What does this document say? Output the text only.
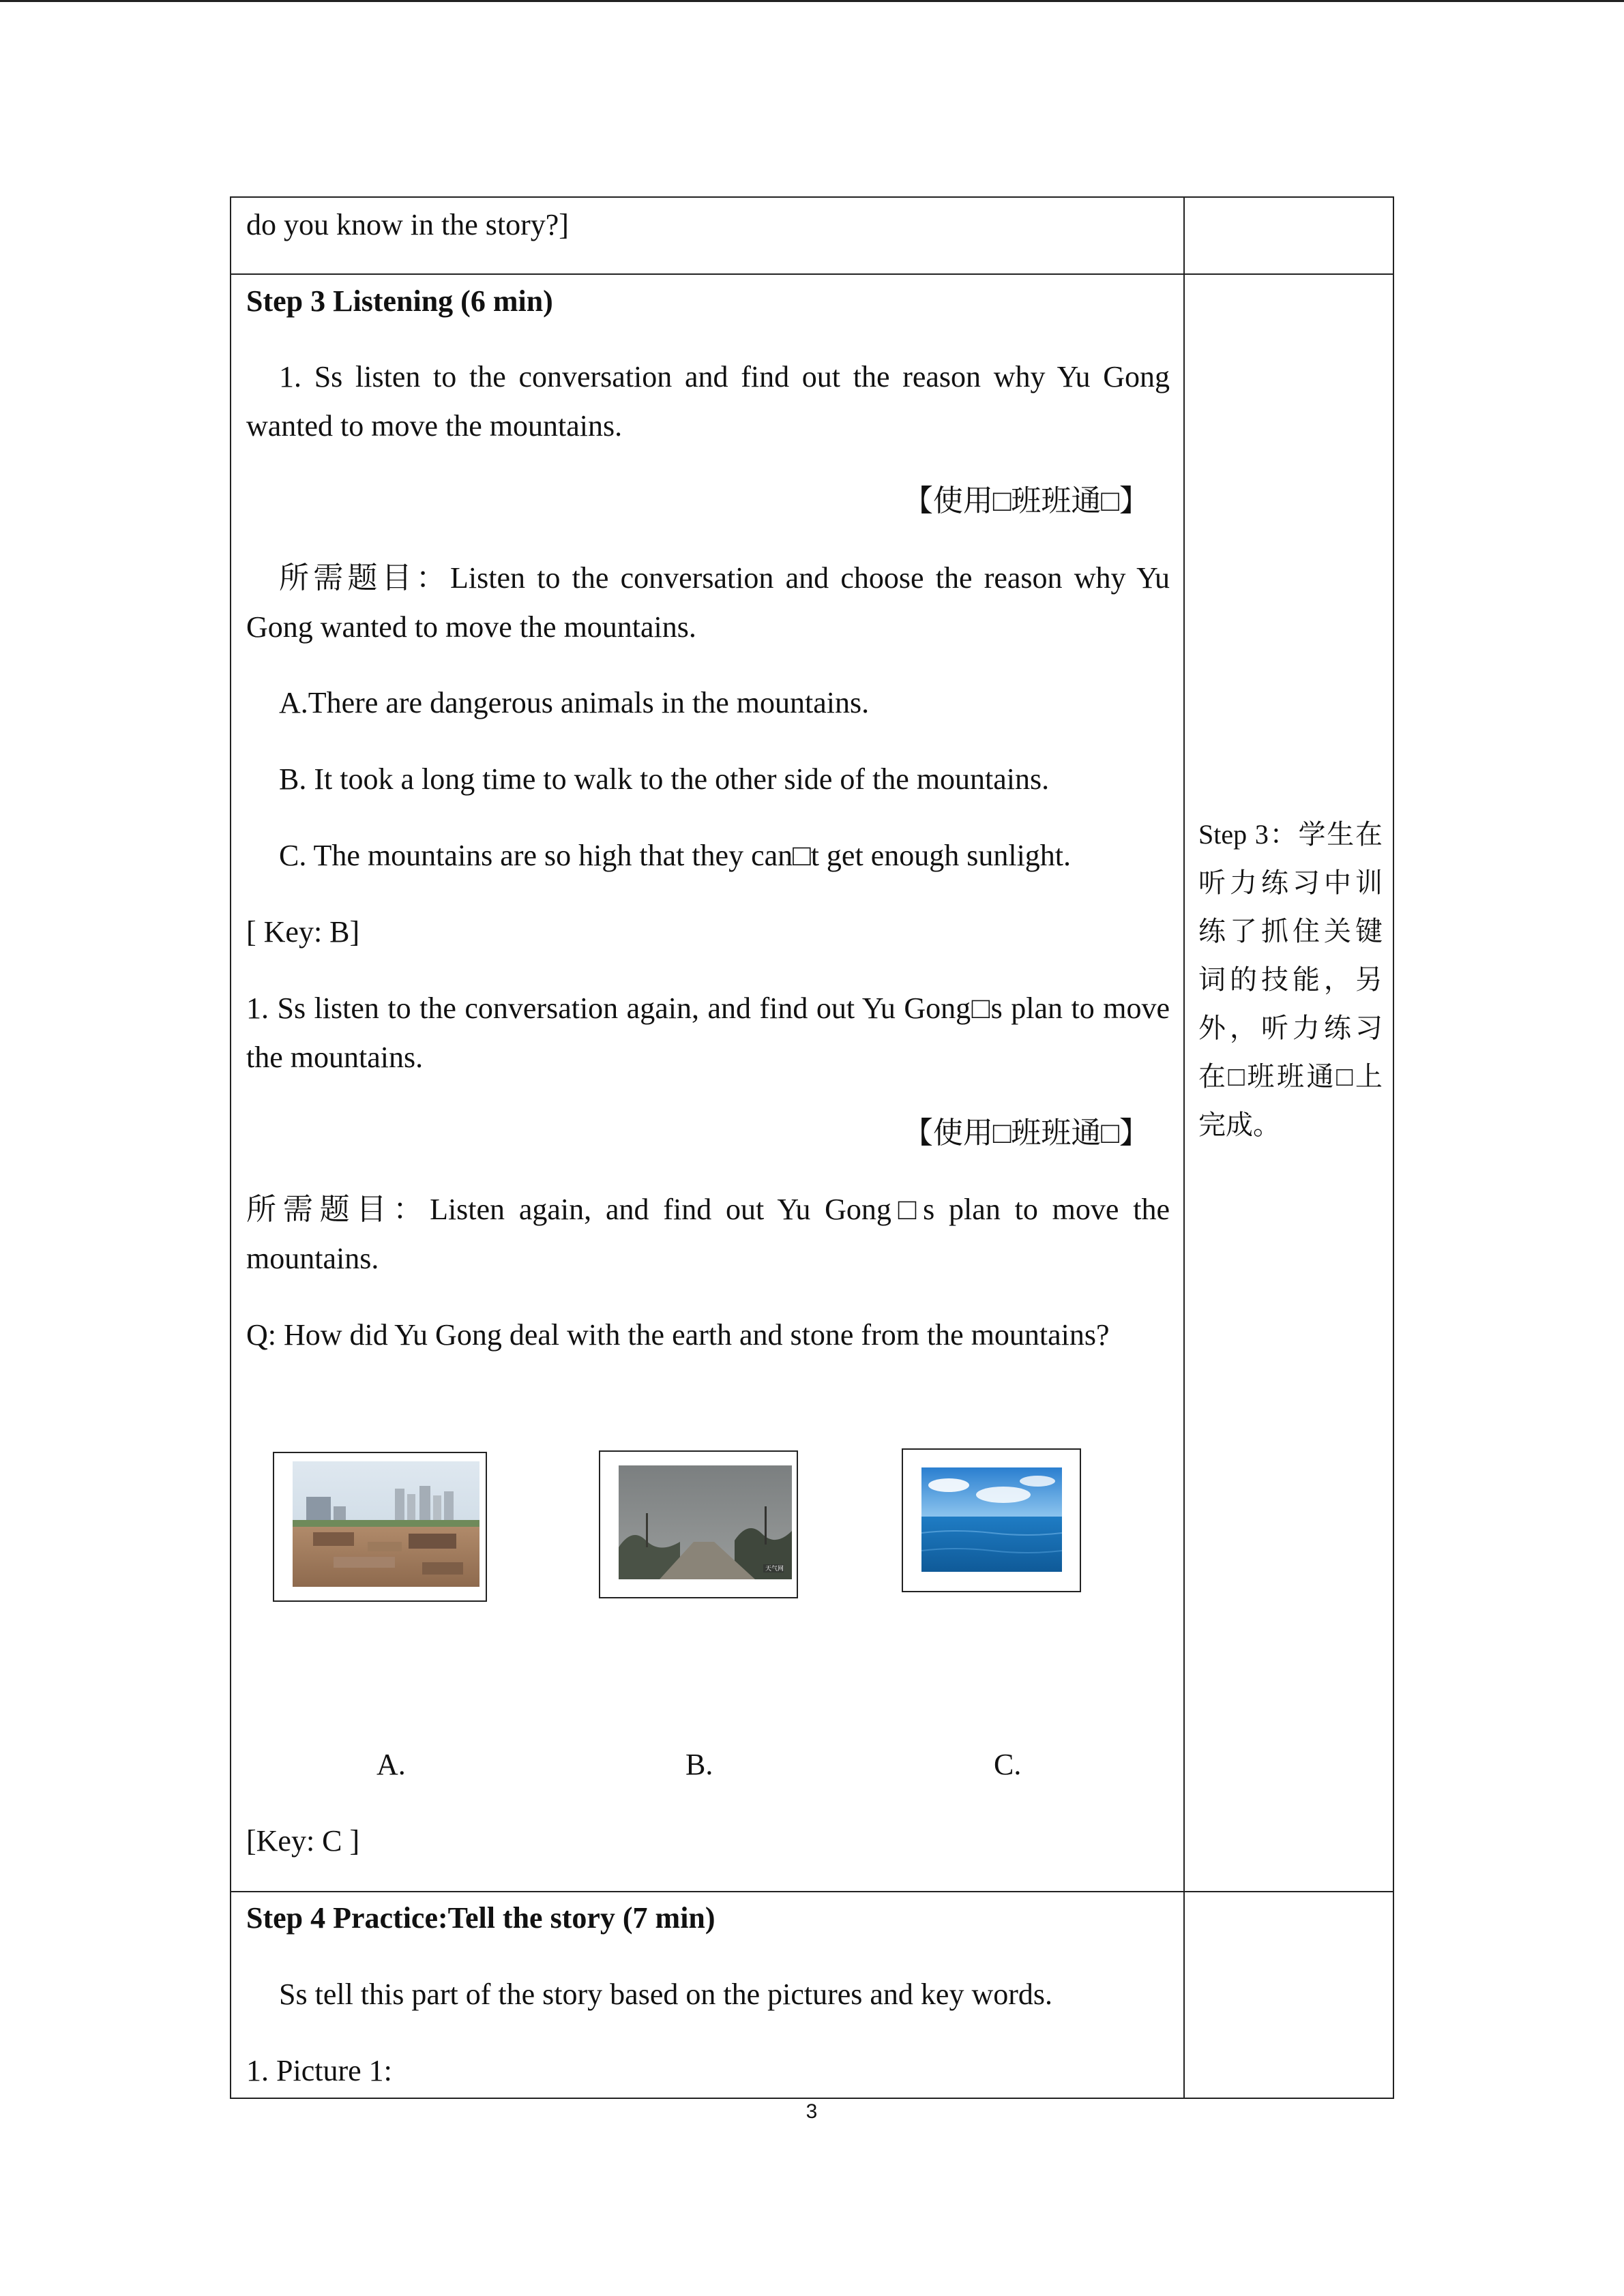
do you know in the story?]
Step 3 Listening (6 min)
1. Ss listen to the conversation and find out the reason why Yu Gong wanted to move the mountains.
【使用□班班通□】
所需题目：Listen to the conversation and choose the reason why Yu Gong wanted to move the mountains.
A.There are dangerous animals in the mountains.
B. It took a long time to walk to the other side of the mountains.
C. The mountains are so high that they can□t get enough sunlight.
[ Key: B]
1. Ss listen to the conversation again, and find out Yu Gong□s plan to move the mountains.
【使用□班班通□】
所需题目：Listen again, and find out Yu Gong□s plan to move the mountains.
Q: How did Yu Gong deal with the earth and stone from the mountains?
天气网
A.	B.	C.
[Key: C ]
Step 3：学生在听力练习中训练了抓住关键词的技能，另外，听力练习在□班班通□上完成。
Step 4 Practice:Tell the story (7 min)
Ss tell this part of the story based on the pictures and key words.
1. Picture 1:
3
